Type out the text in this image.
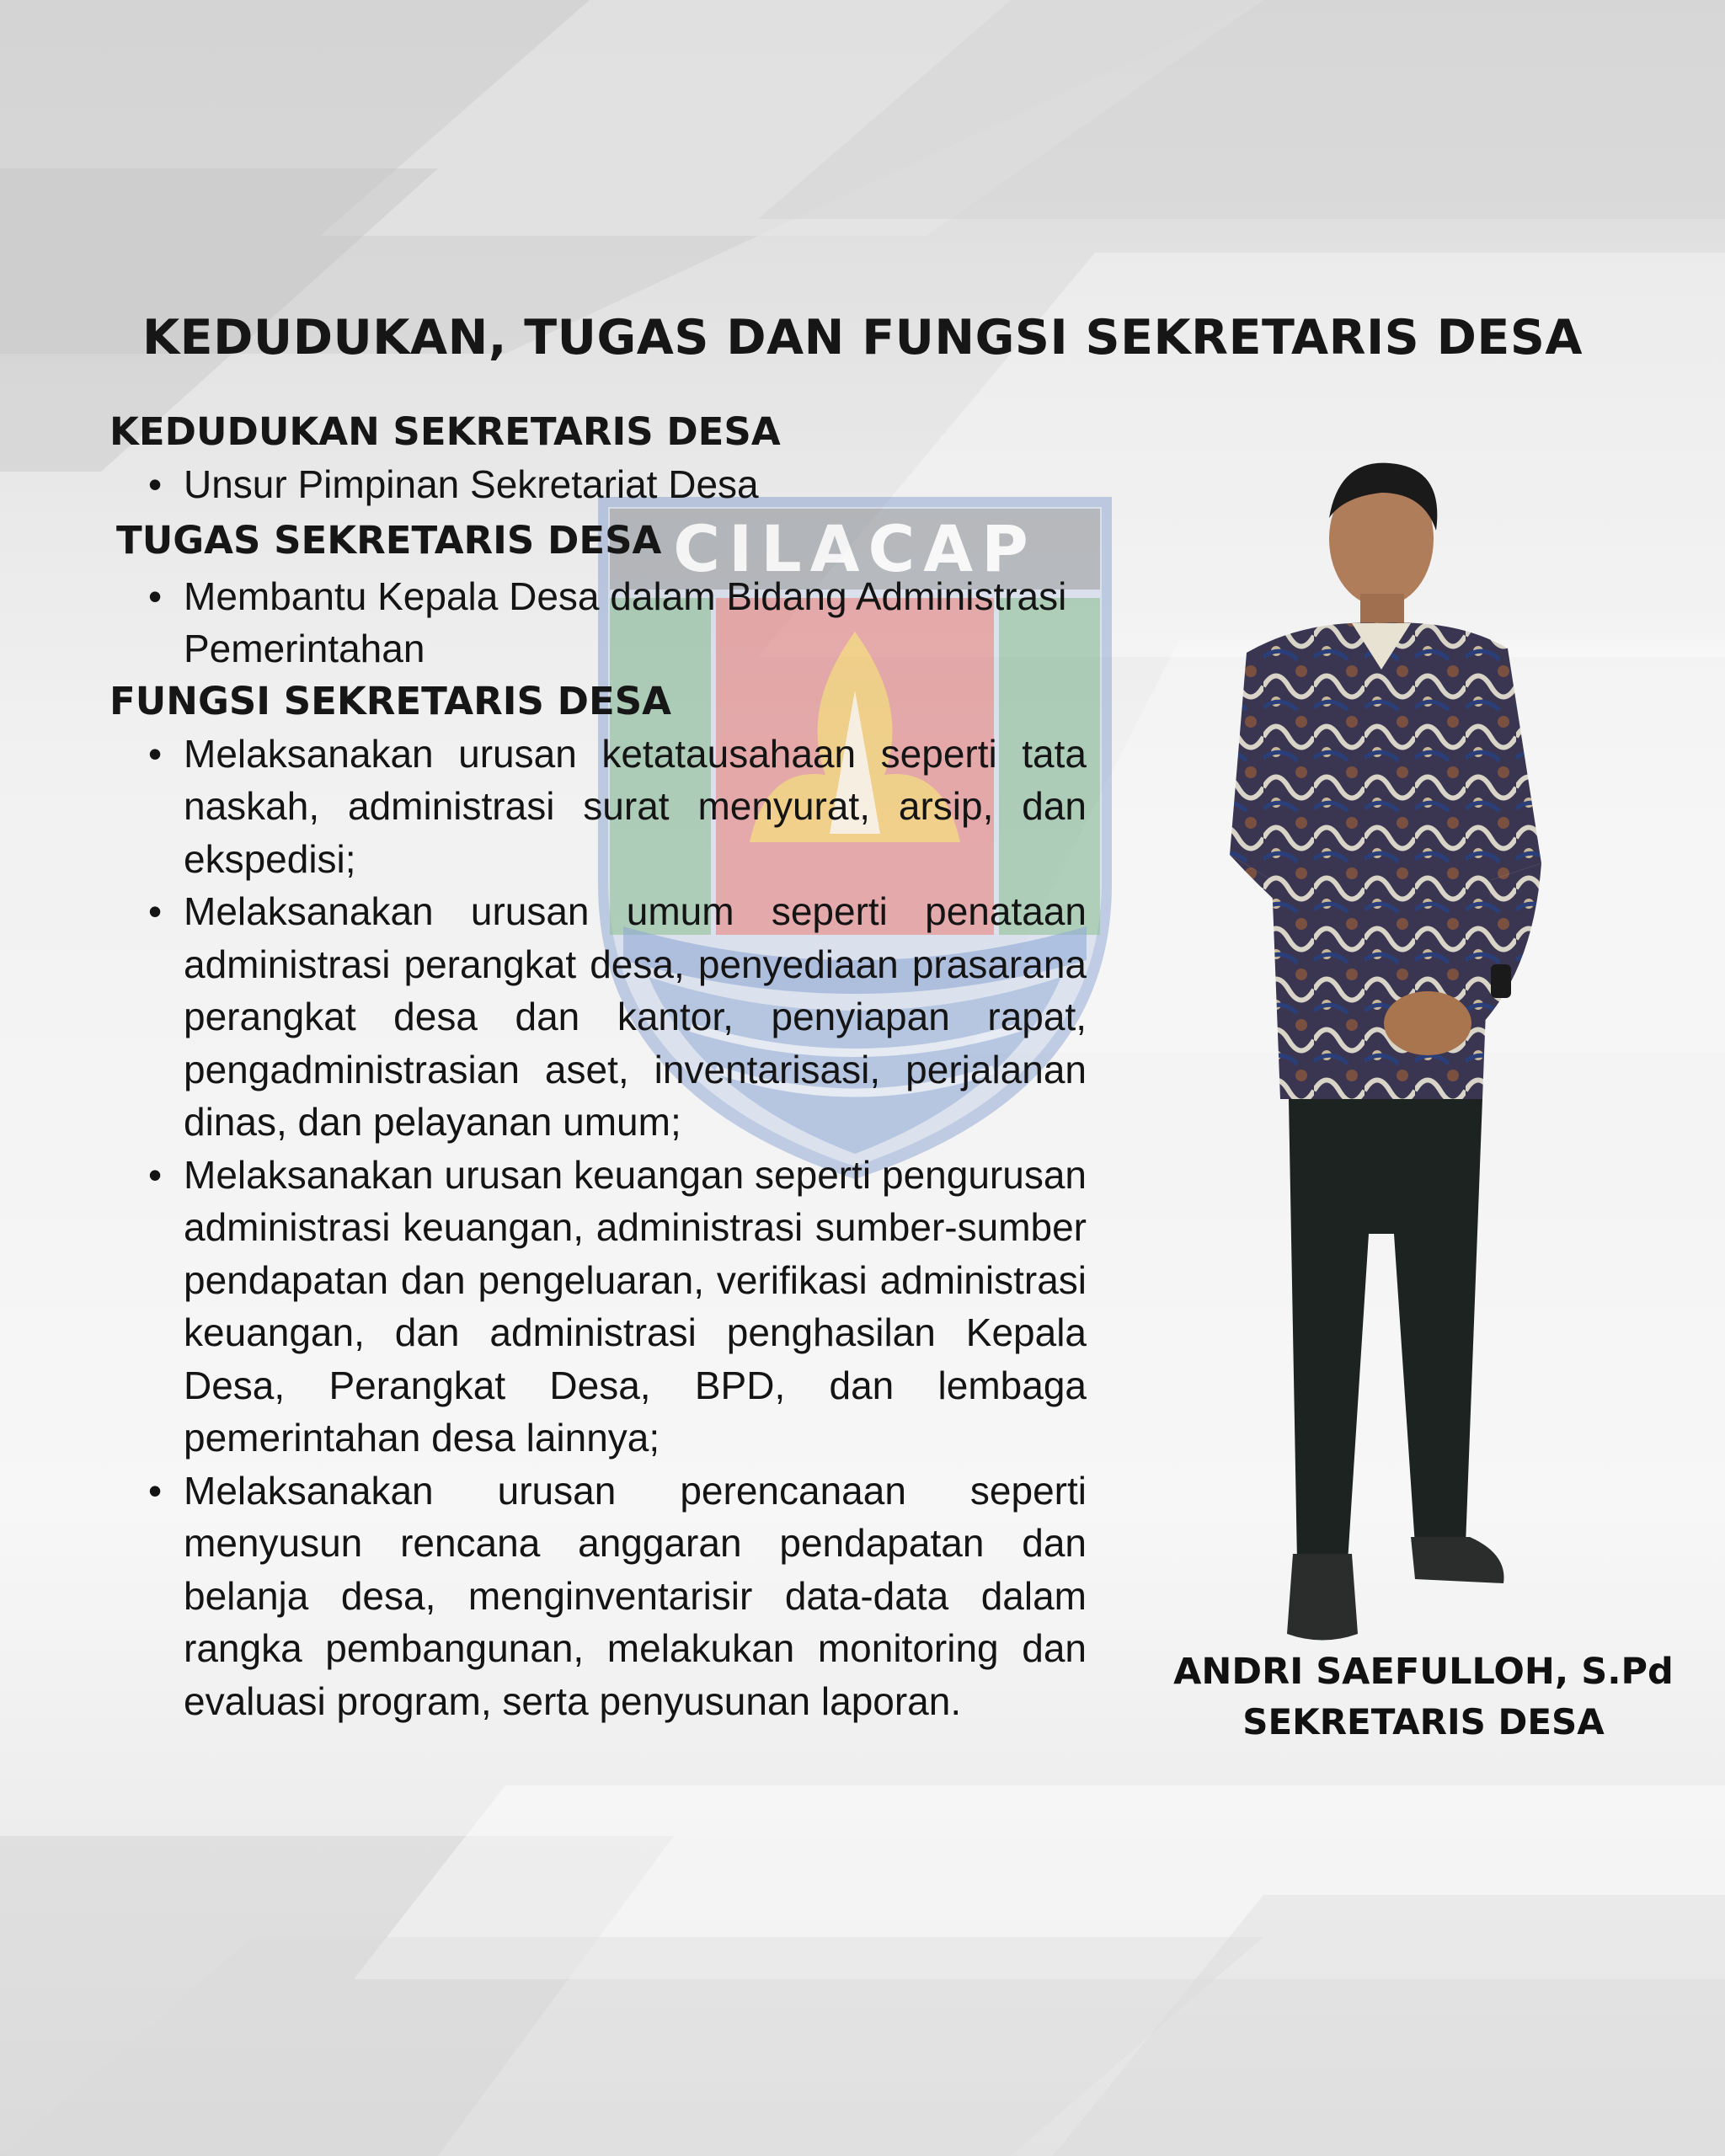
CILACAP
KEDUDUKAN, TUGAS DAN FUNGSI SEKRETARIS DESA
KEDUDUKAN SEKRETARIS DESA
• Unsur Pimpinan Sekretariat Desa
TUGAS SEKRETARIS DESA
• Membantu Kepala Desa dalam Bidang Administrasi Pemerintahan
FUNGSI SEKRETARIS DESA
• Melaksanakan urusan ketatausahaan seperti tata naskah, administrasi surat menyurat, arsip, dan ekspedisi;
• Melaksanakan urusan umum seperti penataan administrasi perangkat desa, penyediaan prasarana perangkat desa dan kantor, penyiapan rapat, pengadministrasian aset, inventarisasi, perjalanan dinas, dan pelayanan umum;
• Melaksanakan urusan keuangan seperti pengurusan administrasi keuangan, administrasi sumber-sumber pendapatan dan pengeluaran, verifikasi administrasi keuangan, dan administrasi penghasilan Kepala Desa, Perangkat Desa, BPD, dan lembaga pemerintahan desa lainnya;
• Melaksanakan urusan perencanaan seperti menyusun rencana anggaran pendapatan dan belanja desa, menginventarisir data-data dalam rangka pembangunan, melakukan monitoring dan evaluasi program, serta penyusunan laporan.
ANDRI SAEFULLOH, S.Pd
SEKRETARIS DESA
